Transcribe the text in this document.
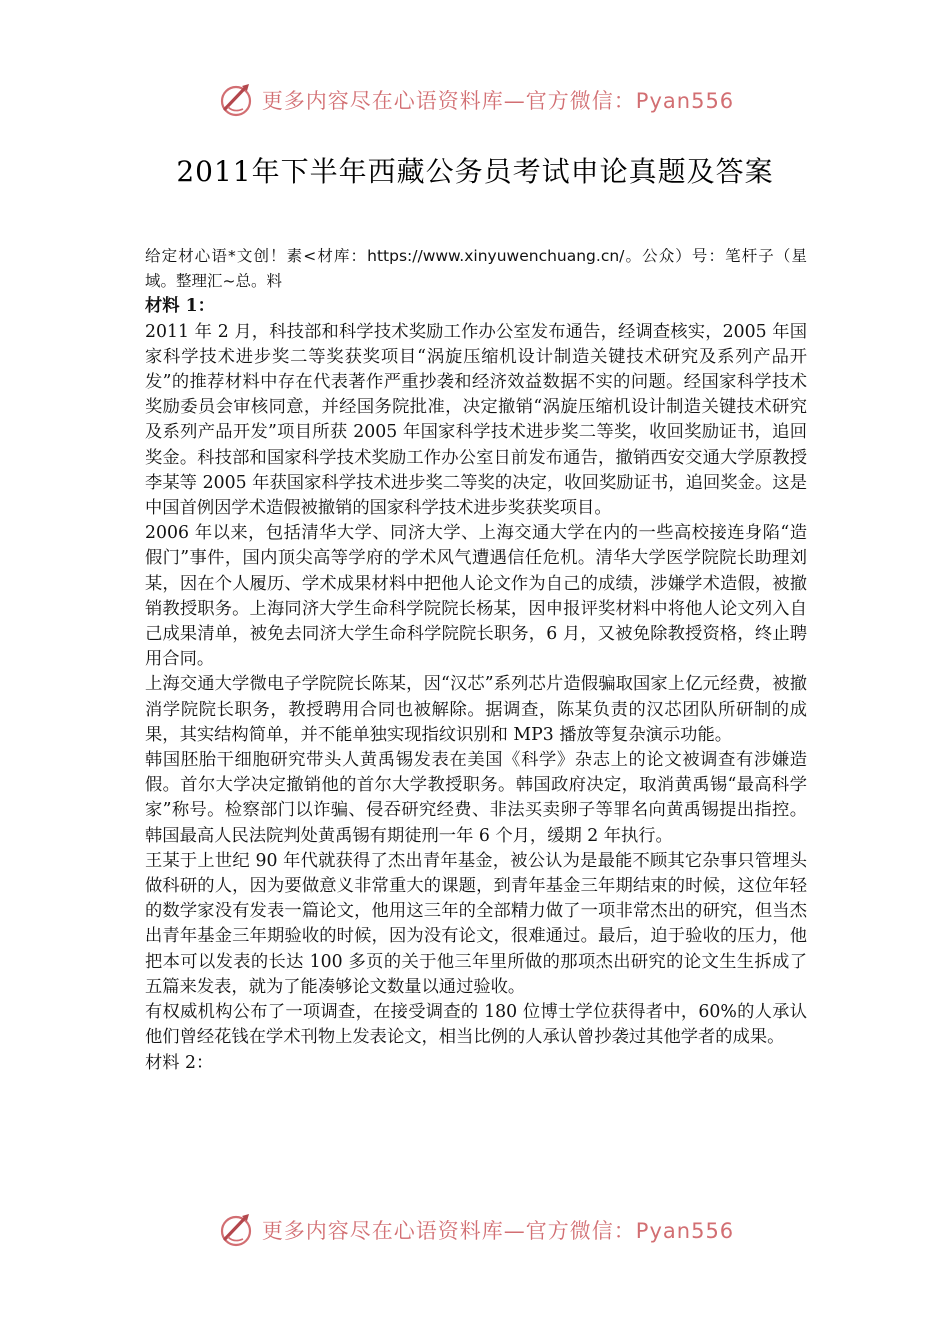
更多内容尽在心语资料库—官方微信：Pyan556
2011年下半年西藏公务员考试申论真题及答案

给定材心语*文创！素<材库：https://www.xinyuwenchuang.cn/。公众）号：笔杆子（星域。整理汇~总。料

材料 1：

2011 年 2 月，科技部和科学技术奖励工作办公室发布通告，经调查核实，2005 年国家科学技术进步奖二等奖获奖项目“涡旋压缩机设计制造关键技术研究及系列产品开发”的推荐材料中存在代表著作严重抄袭和经济效益数据不实的问题。经国家科学技术奖励委员会审核同意，并经国务院批准，决定撤销“涡旋压缩机设计制造关键技术研究及系列产品开发”项目所获 2005 年国家科学技术进步奖二等奖，收回奖励证书，追回奖金。科技部和国家科学技术奖励工作办公室日前发布通告，撤销西安交通大学原教授李某等 2005 年获国家科学技术进步奖二等奖的决定，收回奖励证书，追回奖金。这是中国首例因学术造假被撤销的国家科学技术进步奖获奖项目。

2006 年以来，包括清华大学、同济大学、上海交通大学在内的一些高校接连身陷“造假门”事件，国内顶尖高等学府的学术风气遭遇信任危机。清华大学医学院院长助理刘某，因在个人履历、学术成果材料中把他人论文作为自己的成绩，涉嫌学术造假，被撤销教授职务。上海同济大学生命科学院院长杨某，因申报评奖材料中将他人论文列入自己成果清单，被免去同济大学生命科学院院长职务，6 月，又被免除教授资格，终止聘用合同。

上海交通大学微电子学院院长陈某，因“汉芯”系列芯片造假骗取国家上亿元经费，被撤消学院院长职务，教授聘用合同也被解除。据调查，陈某负责的汉芯团队所研制的成果，其实结构简单，并不能单独实现指纹识别和 MP3 播放等复杂演示功能。

韩国胚胎干细胞研究带头人黄禹锡发表在美国《科学》杂志上的论文被调查有涉嫌造假。首尔大学决定撤销他的首尔大学教授职务。韩国政府决定，取消黄禹锡“最高科学家”称号。检察部门以诈骗、侵吞研究经费、非法买卖卵子等罪名向黄禹锡提出指控。韩国最高人民法院判处黄禹锡有期徒刑一年 6 个月，缓期 2 年执行。

王某于上世纪 90 年代就获得了杰出青年基金，被公认为是最能不顾其它杂事只管埋头做科研的人，因为要做意义非常重大的课题，到青年基金三年期结束的时候，这位年轻的数学家没有发表一篇论文，他用这三年的全部精力做了一项非常杰出的研究，但当杰出青年基金三年期验收的时候，因为没有论文，很难通过。最后，迫于验收的压力，他把本可以发表的长达 100 多页的关于他三年里所做的那项杰出研究的论文生生拆成了五篇来发表，就为了能凑够论文数量以通过验收。

有权威机构公布了一项调查，在接受调查的 180 位博士学位获得者中，60%的人承认他们曾经花钱在学术刊物上发表论文，相当比例的人承认曾抄袭过其他学者的成果。

材料 2：

更多内容尽在心语资料库—官方微信：Pyan556
